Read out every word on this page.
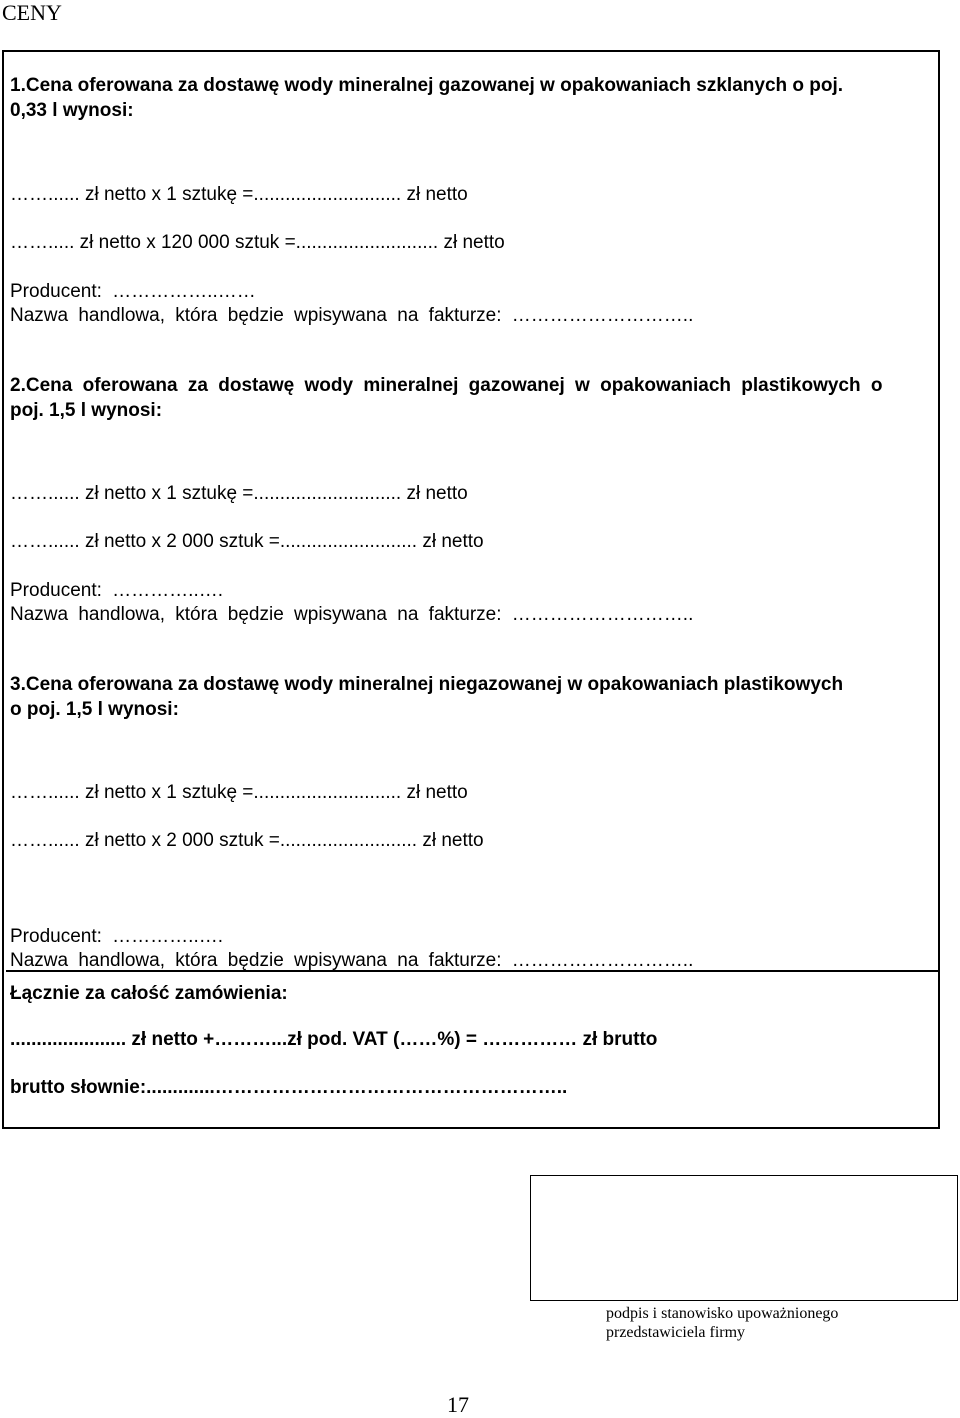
CENY
1.Cena oferowana za dostawę wody mineralnej gazowanej w opakowaniach szklanych o poj.
0,33 l wynosi:
……...... zł netto x 1 sztukę =............................ zł netto
……..... zł netto x 120 000 sztuk =........................... zł netto
Producent: ……………..……
Nazwa handlowa, która będzie wpisywana na fakturze: ………………………..
2.Cena oferowana za dostawę wody mineralnej gazowanej w opakowaniach plastikowych o
poj. 1,5 l wynosi:
……...... zł netto x 1 sztukę =............................ zł netto
……...... zł netto x 2 000 sztuk =.......................... zł netto
Producent: …………..….
Nazwa handlowa, która będzie wpisywana na fakturze: ………………………..
3.Cena oferowana za dostawę wody mineralnej niegazowanej w opakowaniach plastikowych
o poj. 1,5 l wynosi:
……...... zł netto x 1 sztukę =............................ zł netto
……...... zł netto x 2 000 sztuk =.......................... zł netto
Producent: …………..….
Nazwa handlowa, która będzie wpisywana na fakturze: ………………………..
Łącznie za całość zamówienia:
...................... zł netto +………...zł pod. VAT (……%) = …………… zł brutto
brutto słownie:.............………………………………………………..
podpis i stanowisko upoważnionego
przedstawiciela firmy
17
